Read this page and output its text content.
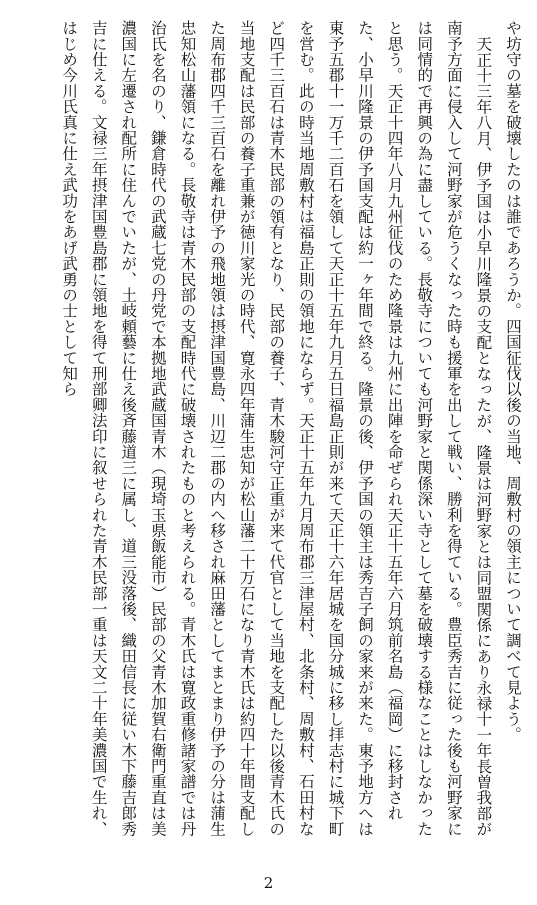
や坊守の墓を破壊したのは誰であろうか。四国征伐以後の当地、周敷村の領主について調べて見よう。

天正十三年八月、伊予国は小早川隆景の支配となったが、隆景は河野家とは同盟関係にあり永禄十一年長曽我部が南予方面に侵入して河野家が危うくなった時も援軍を出して戦い、勝利を得ている。豊臣秀吉に従った後も河野家には同情的で再興の為に盡している。長敬寺についても河野家と関係深い寺として墓を破壊する様なことはしなかったと思う。天正十四年八月九州征伐のため隆景は九州に出陣を命ぜられ天正十五年六月筑前名島（福岡）に移封された、小早川隆景の伊予国支配は約一ヶ年間で終る。隆景の後、伊予国の領主は秀吉子飼の家来が来た。東予地方へは東予五郡十一万千二百石を領して天正十五年九月五日福島正則が来て天正十六年居城を国分城に移し拝志村に城下町を営む。此の時当地周敷村は福島正則の領地にならず。天正十五年九月周布郡三津屋村、北条村、周敷村、石田村など四千三百石は青木民部の領有となり、民部の養子、青木駿河守正重が来て代官として当地を支配した以後青木氏の当地支配は民部の養子重兼が徳川家光の時代、寛永四年蒲生忠知が松山藩二十万石になり青木氏は約四十年間支配した周布郡四千三百石を離れ伊予の飛地領は摂津国豊島、川辺二郡の内へ移され麻田藩としてまとまり伊予の分は蒲生忠知松山藩領になる。長敬寺は青木民部の支配時代に破壊されたものと考えられる。青木氏は寛政重修諸家譜では丹治氏を名のり、鎌倉時代の武蔵七党の丹党で本拠地武蔵国青木（現埼玉県飯能市）民部の父青木加賀右衛門重直は美濃国に左遷され配所に住んでいたが、土岐頼藝に仕え後斉藤道三に属し、道三没落後、織田信長に従い木下藤吉郎秀吉に仕える。文禄三年摂津国豊島郡に領地を得て刑部卿法印に叙せられた青木民部一重は天文二十年美濃国で生れ、はじめ今川氏真に仕え武功をあげ武勇の士として知ら

2
